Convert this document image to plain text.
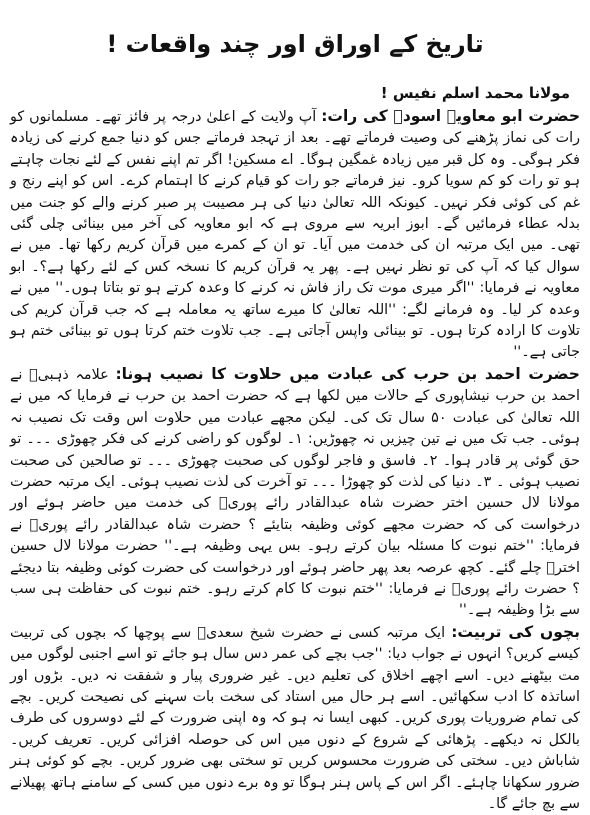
تاریخ کے اوراق اور چند واقعات !
مولانا محمد اسلم نفیس !

حضرت ابو معاویہ اسودؒ کی رات: آپ ولایت کے اعلیٰ درجہ پر فائز تھے۔ مسلمانوں کو رات کی نماز پڑھنے کی وصیت فرماتے تھے۔ بعد از تہجد فرماتے جس کو دنیا جمع کرنے کی زیادہ فکر ہوگی۔ وہ کل قبر میں زیادہ غمگین ہوگا۔ اے مسکین! اگر تم اپنے نفس کے لئے نجات چاہتے ہو تو رات کو کم سویا کرو۔ نیز فرماتے جو رات کو قیام کرنے کا اہتمام کرے۔ اس کو اپنے رنج و غم کی کوئی فکر نہیں۔ کیونکہ اللہ تعالیٰ دنیا کی ہر مصیبت پر صبر کرنے والے کو جنت میں بدلہ عطاء فرمائیں گے۔ ابوز ابریہ سے مروی ہے کہ ابو معاویہ کی آخر میں بینائی چلی گئی تھی۔ میں ایک مرتبہ ان کی خدمت میں آیا۔ تو ان کے کمرے میں قرآن کریم رکھا تھا۔ میں نے سوال کیا کہ آپ کی تو نظر نہیں ہے۔ پھر یہ قرآن کریم کا نسخہ کس کے لئے رکھا ہے؟۔ ابو معاویہ نے فرمایا: ''اگر میری موت تک راز فاش نہ کرنے کا وعدہ کرتے ہو تو بتاتا ہوں۔'' میں نے وعدہ کر لیا۔ وہ فرمانے لگے: ''اللہ تعالیٰ کا میرے ساتھ یہ معاملہ ہے کہ جب قرآن کریم کی تلاوت کا ارادہ کرتا ہوں۔ تو بینائی واپس آجاتی ہے۔ جب تلاوت ختم کرتا ہوں تو بینائی ختم ہو جاتی ہے۔''

حضرت احمد بن حرب کی عبادت میں حلاوت کا نصیب ہونا: علامہ ذہبیؒ نے احمد بن حرب نیشاپوری کے حالات میں لکھا ہے کہ حضرت احمد بن حرب نے فرمایا کہ میں نے اللہ تعالیٰ کی عبادت ۵۰ سال تک کی۔ لیکن مجھے عبادت میں حلاوت اس وقت تک نصیب نہ ہوئی۔ جب تک میں نے تین چیزیں نہ چھوڑیں: ۱۔ لوگوں کو راضی کرنے کی فکر چھوڑی ۔۔۔ تو حق گوئی پر قادر ہوا۔ ۲۔ فاسق و فاجر لوگوں کی صحبت چھوڑی ۔۔۔ تو صالحین کی صحبت نصیب ہوئی ۔ ۳۔ دنیا کی لذت کو چھوڑا ۔۔۔ تو آخرت کی لذت نصیب ہوئی۔ ایک مرتبہ حضرت مولانا لال حسین اختر حضرت شاہ عبدالقادر رائے پوریؒ کی خدمت میں حاضر ہوئے اور درخواست کی کہ حضرت مجھے کوئی وظیفہ بتایئے ؟ حضرت شاہ عبدالقادر رائے پوریؒ نے فرمایا: ''ختم نبوت کا مسئلہ بیان کرتے رہو۔ بس یہی وظیفہ ہے۔'' حضرت مولانا لال حسین اخترؒ چلے گئے۔ کچھ عرصہ بعد پھر حاضر ہوئے اور درخواست کی حضرت کوئی وظیفہ بتا دیجئے ؟ حضرت رائے پوریؒ نے فرمایا: ''ختم نبوت کا کام کرتے رہو۔ ختم نبوت کی حفاظت ہی سب سے بڑا وظیفہ ہے۔''

بچوں کی تربیت: ایک مرتبہ کسی نے حضرت شیخ سعدیؒ سے پوچھا کہ بچوں کی تربیت کیسے کریں؟ انہوں نے جواب دیا: ''جب بچے کی عمر دس سال ہو جائے تو اسے اجنبی لوگوں میں مت بیٹھنے دیں۔ اسے اچھے اخلاق کی تعلیم دیں۔ غیر ضروری پیار و شفقت نہ دیں۔ بڑوں اور اساتذہ کا ادب سکھائیں۔ اسے ہر حال میں استاد کی سخت بات سہنے کی نصیحت کریں۔ بچے کی تمام ضروریات پوری کریں۔ کبھی ایسا نہ ہو کہ وہ اپنی ضرورت کے لئے دوسروں کی طرف بالکل نہ دیکھے۔ پڑھائی کے شروع کے دنوں میں اس کی حوصلہ افزائی کریں۔ تعریف کریں۔ شاباش دیں۔ سختی کی ضرورت محسوس کریں تو سختی بھی ضرور کریں۔ بچے کو کوئی ہنر ضرور سکھانا چاہئے۔ اگر اس کے پاس ہنر ہوگا تو وہ برے دنوں میں کسی کے سامنے ہاتھ پھیلانے سے بچ جائے گا۔
